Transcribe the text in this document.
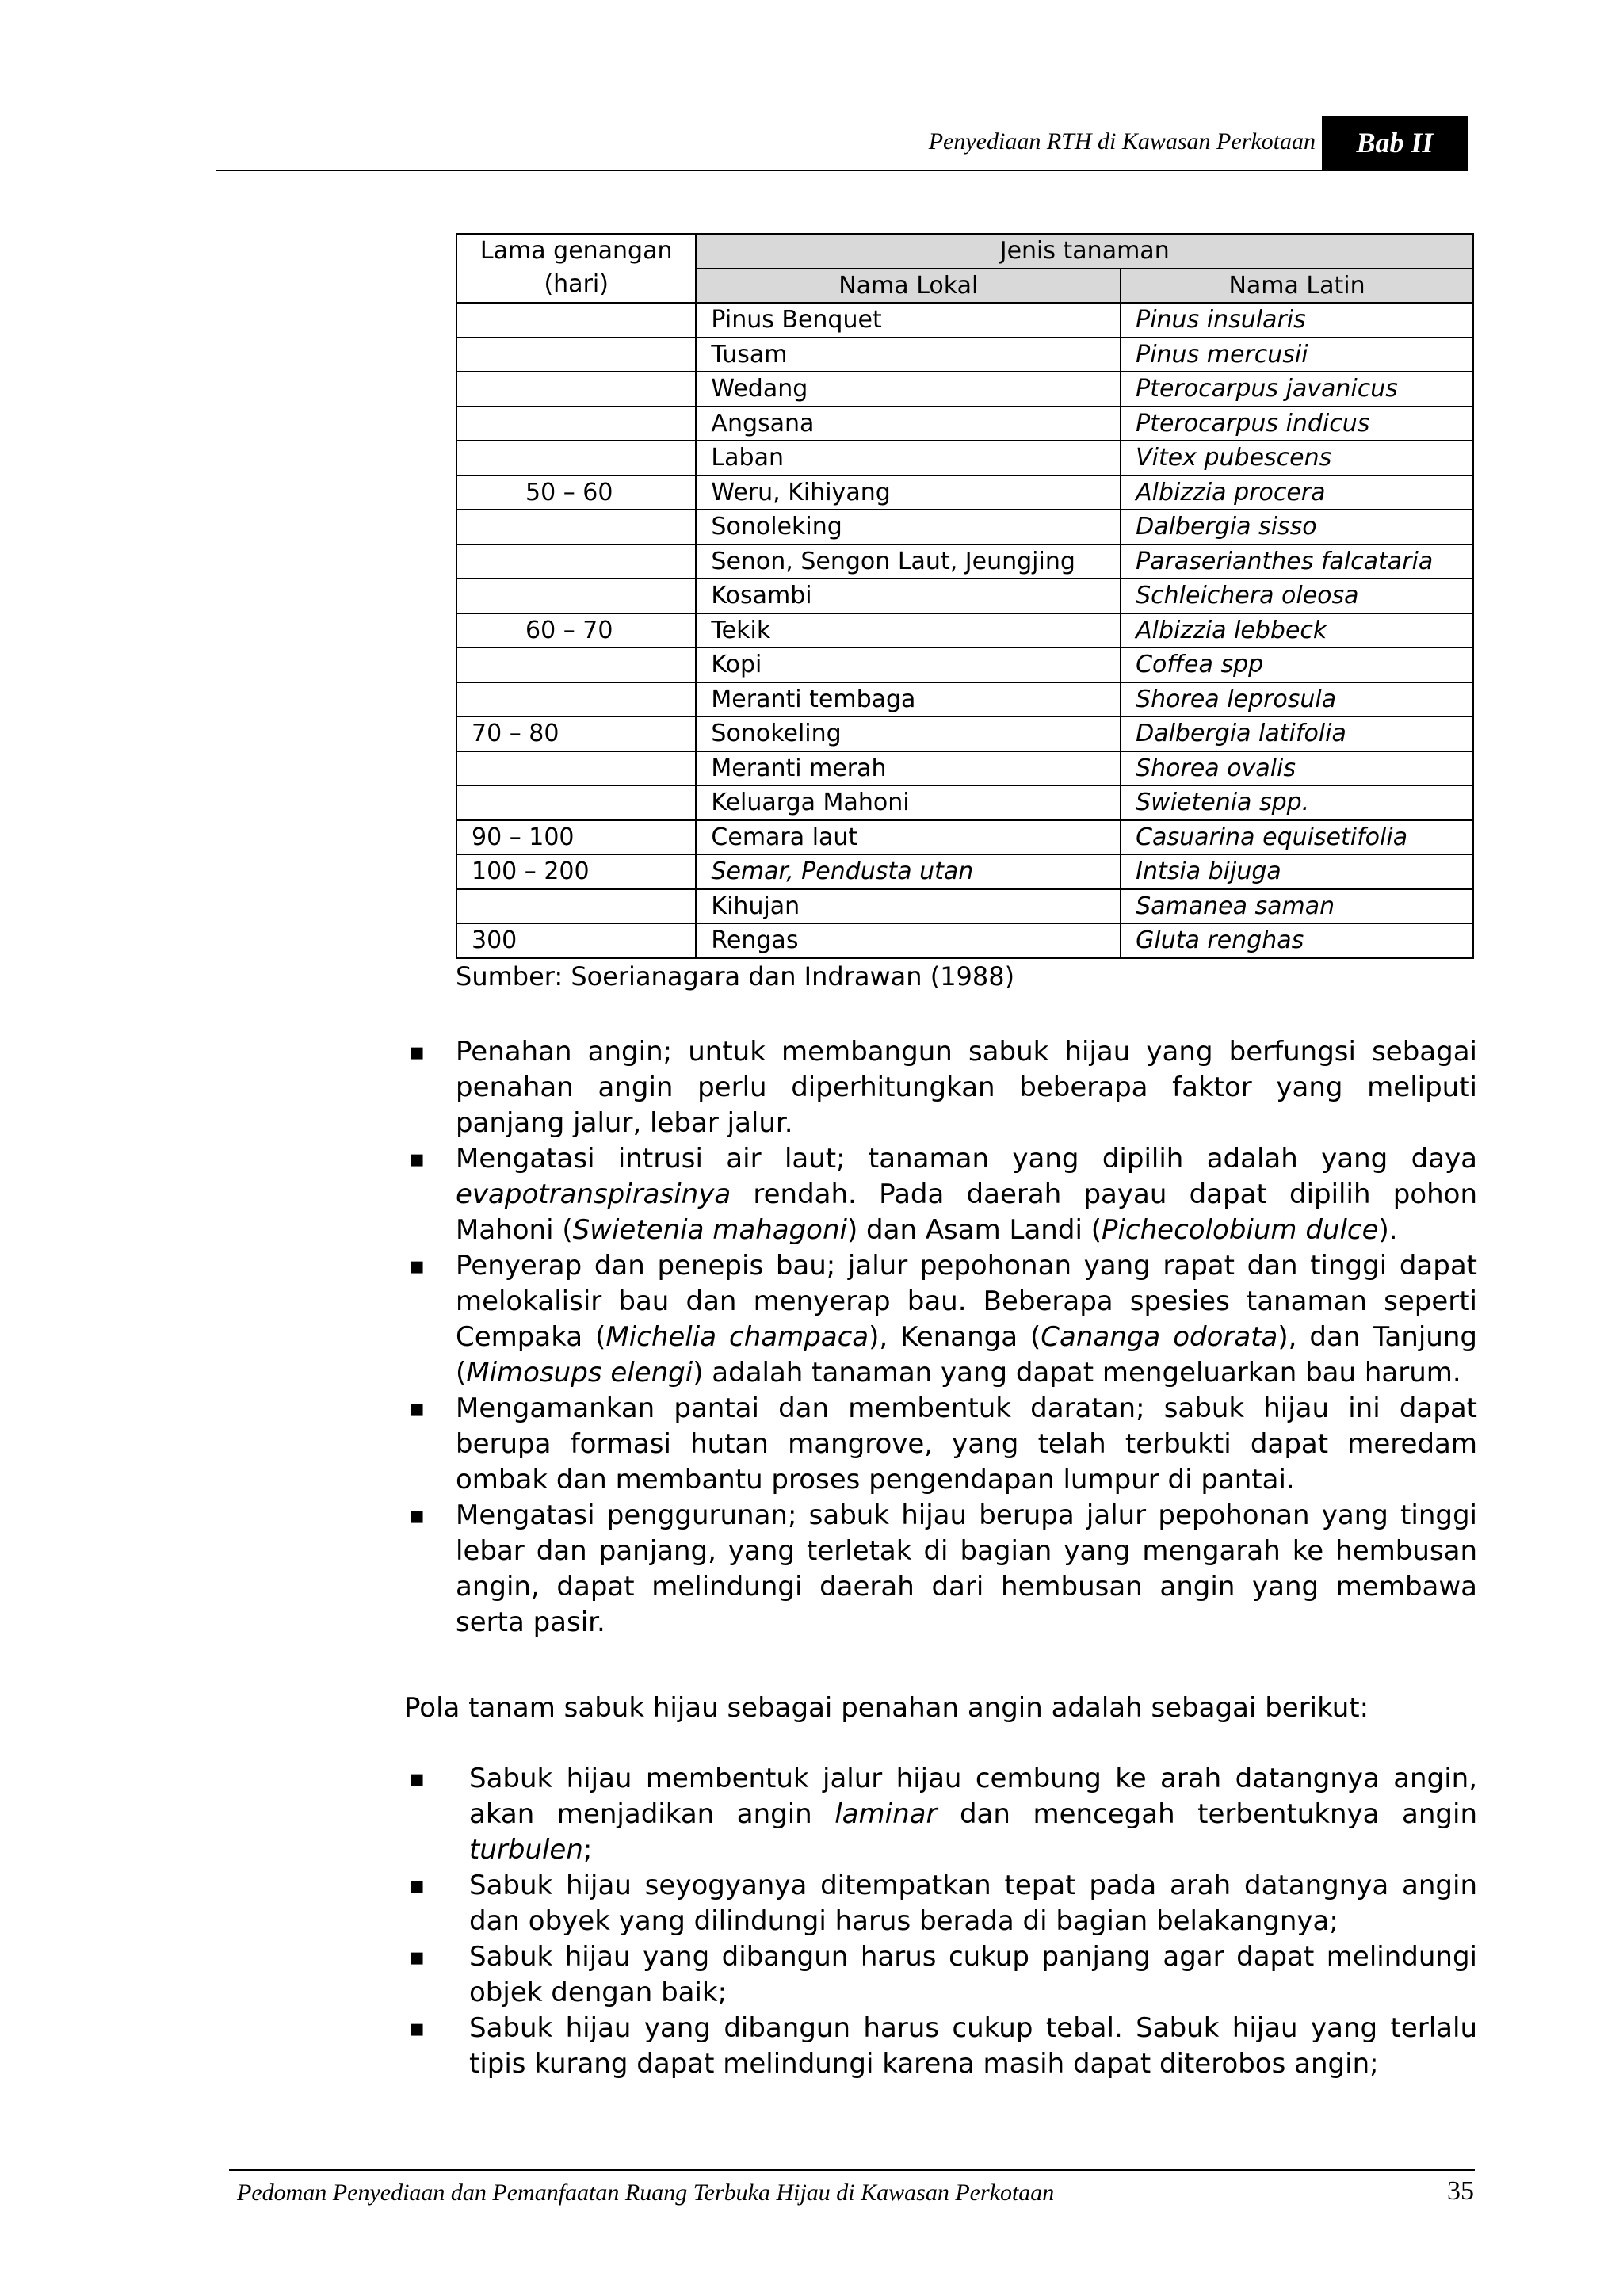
Penyediaan RTH di Kawasan Perkotaan	Bab II
Lama genangan
(hari)	Jenis tanaman	
	Nama Lokal	Nama Latin
	Pinus Benquet	Pinus insularis
	Tusam	Pinus mercusii
	Wedang	Pterocarpus javanicus
	Angsana	Pterocarpus indicus
	Laban	Vitex pubescens
50 – 60	Weru, Kihiyang	Albizzia procera
	Sonoleking	Dalbergia sisso
	Senon, Sengon Laut, Jeungjing	Paraserianthes falcataria
	Kosambi	Schleichera oleosa
60 – 70	Tekik	Albizzia lebbeck
	Kopi	Coffea spp
	Meranti tembaga	Shorea leprosula
70 – 80	Sonokeling	Dalbergia latifolia
	Meranti merah	Shorea ovalis
	Keluarga Mahoni	Swietenia spp.
90 – 100	Cemara laut	Casuarina equisetifolia
100 – 200	Semar, Pendusta utan	Intsia bijuga
	Kihujan	Samanea saman
300	Rengas	Gluta renghas
Sumber: Soerianagara dan Indrawan (1988)
▪ Penahan angin; untuk membangun sabuk hijau yang berfungsi sebagai penahan angin perlu diperhitungkan beberapa faktor yang meliputi panjang jalur, lebar jalur.
▪ Mengatasi intrusi air laut; tanaman yang dipilih adalah yang daya evapotranspirasinya rendah. Pada daerah payau dapat dipilih pohon Mahoni (Swietenia mahagoni) dan Asam Landi (Pichecolobium dulce).
▪ Penyerap dan penepis bau; jalur pepohonan yang rapat dan tinggi dapat melokalisir bau dan menyerap bau. Beberapa spesies tanaman seperti Cempaka (Michelia champaca), Kenanga (Cananga odorata), dan Tanjung (Mimosups elengi) adalah tanaman yang dapat mengeluarkan bau harum.
▪ Mengamankan pantai dan membentuk daratan; sabuk hijau ini dapat berupa formasi hutan mangrove, yang telah terbukti dapat meredam ombak dan membantu proses pengendapan lumpur di pantai.
▪ Mengatasi penggurunan; sabuk hijau berupa jalur pepohonan yang tinggi lebar dan panjang, yang terletak di bagian yang mengarah ke hembusan angin, dapat melindungi daerah dari hembusan angin yang membawa serta pasir.
Pola tanam sabuk hijau sebagai penahan angin adalah sebagai berikut:
▪ Sabuk hijau membentuk jalur hijau cembung ke arah datangnya angin, akan menjadikan angin laminar dan mencegah terbentuknya angin turbulen;
▪ Sabuk hijau seyogyanya ditempatkan tepat pada arah datangnya angin dan obyek yang dilindungi harus berada di bagian belakangnya;
▪ Sabuk hijau yang dibangun harus cukup panjang agar dapat melindungi objek dengan baik;
▪ Sabuk hijau yang dibangun harus cukup tebal. Sabuk hijau yang terlalu tipis kurang dapat melindungi karena masih dapat diterobos angin;
Pedoman Penyediaan dan Pemanfaatan Ruang Terbuka Hijau di Kawasan Perkotaan	35
